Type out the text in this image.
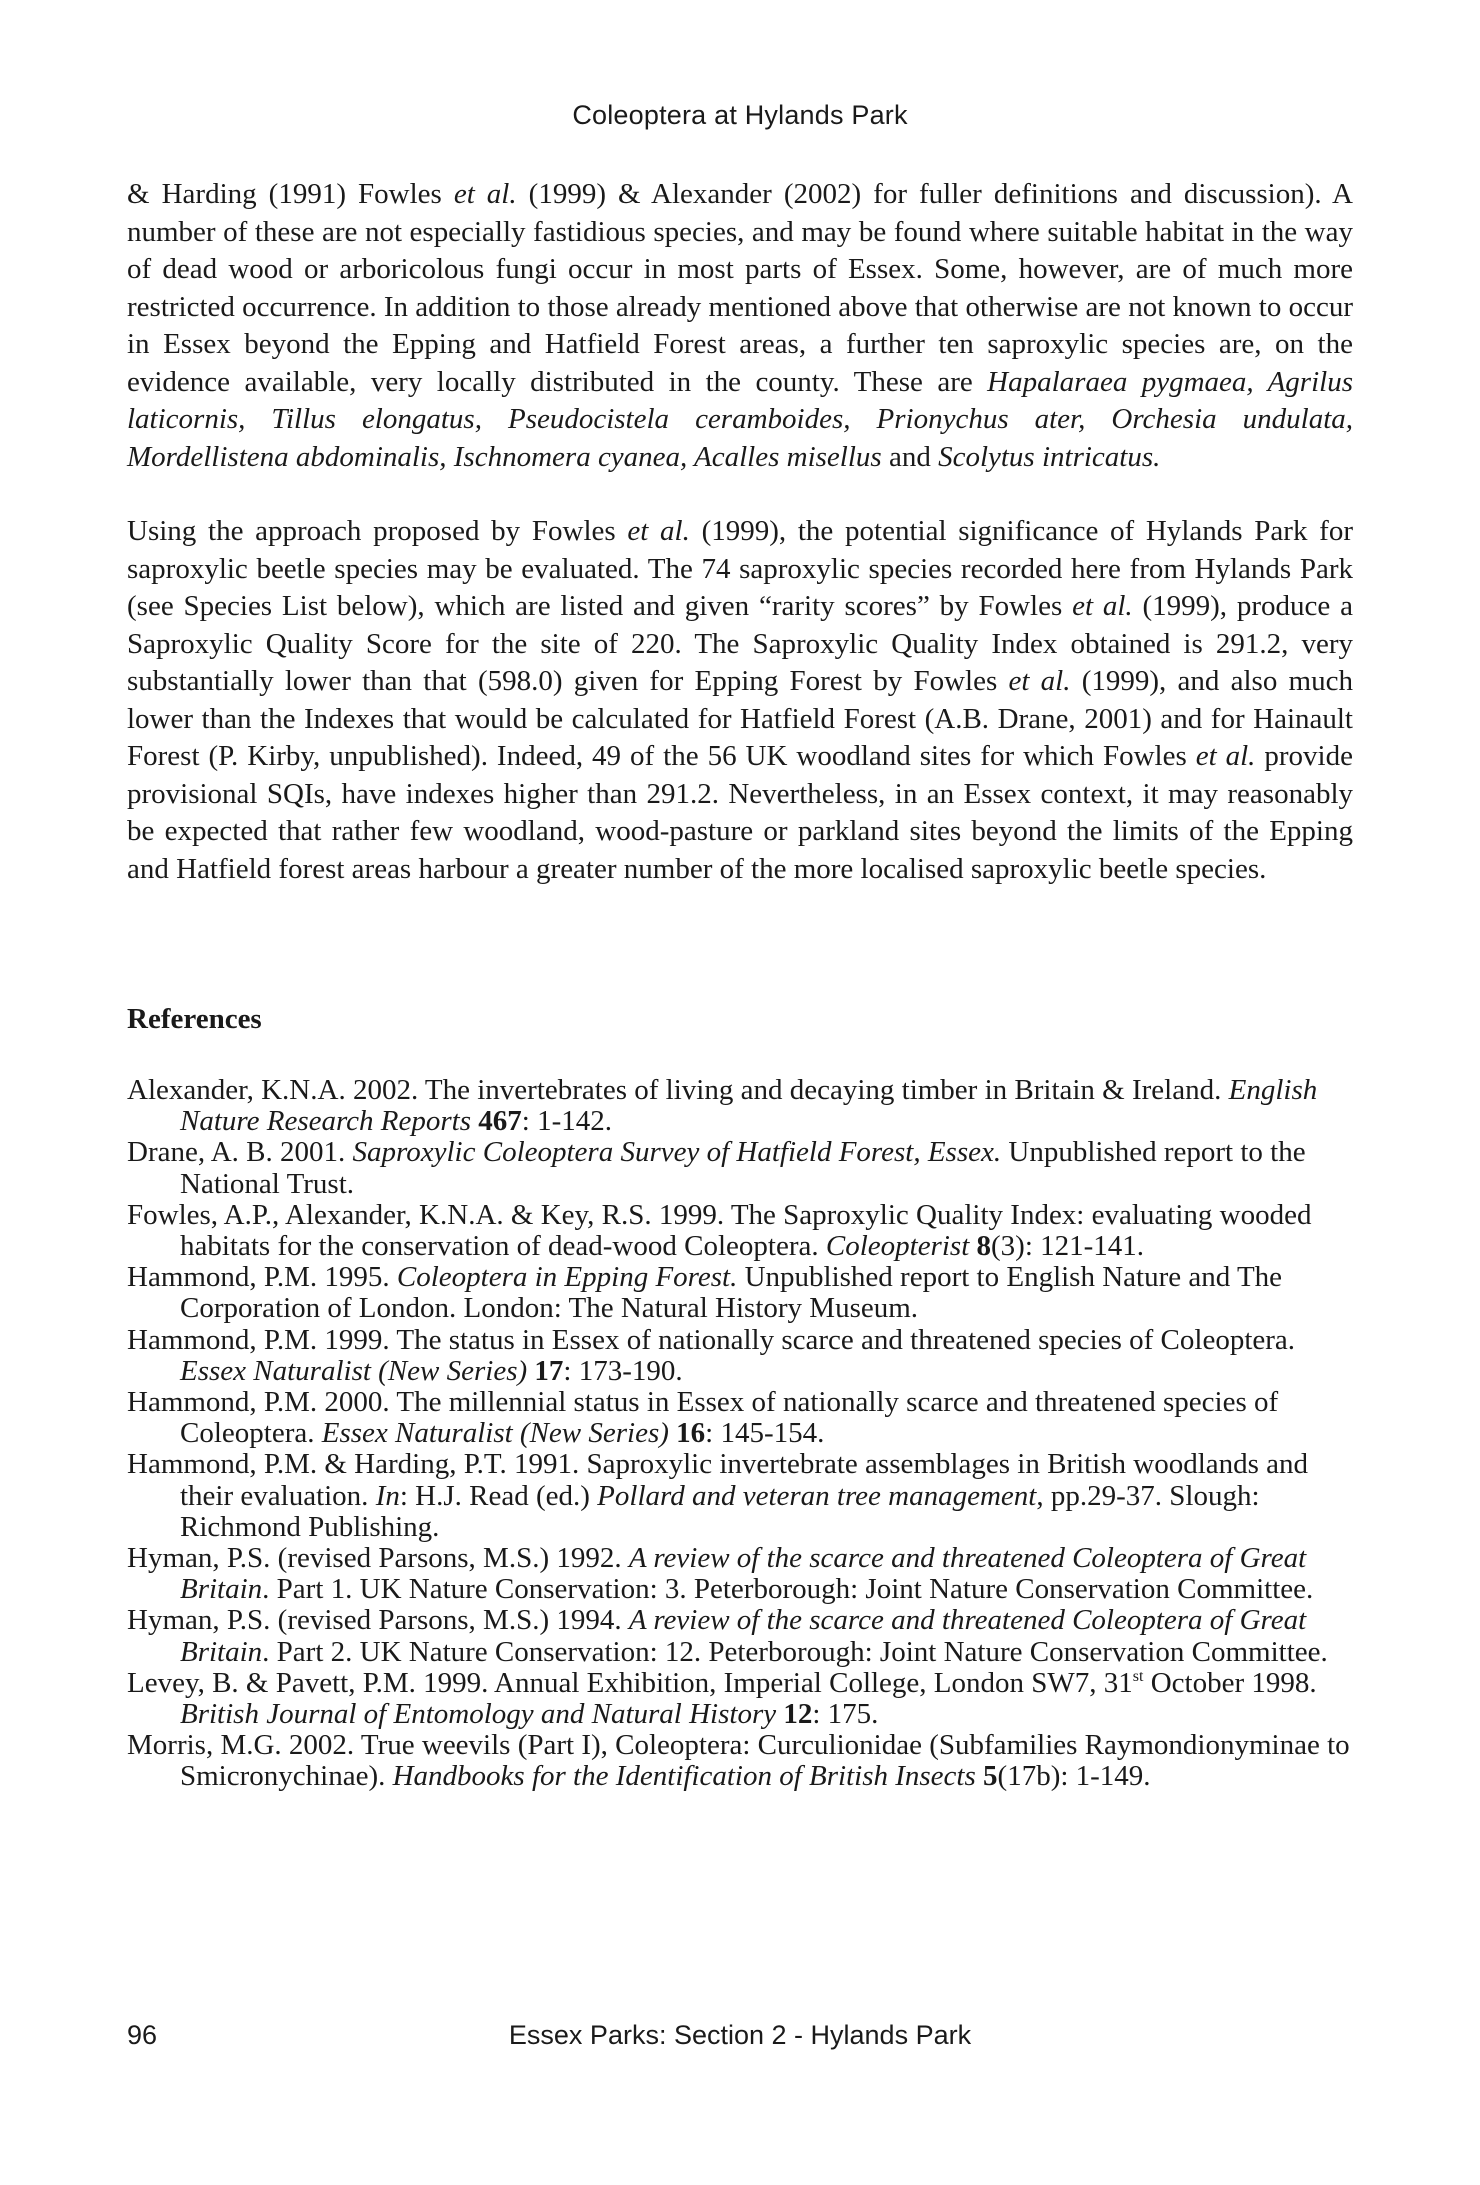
Coleoptera at Hylands Park

& Harding (1991) Fowles et al. (1999) & Alexander (2002) for fuller definitions and discussion). A number of these are not especially fastidious species, and may be found where suitable habitat in the way of dead wood or arboricolous fungi occur in most parts of Essex. Some, however, are of much more restricted occurrence. In addition to those already mentioned above that otherwise are not known to occur in Essex beyond the Epping and Hatfield Forest areas, a further ten saproxylic species are, on the evidence available, very locally distributed in the county. These are Hapalaraea pygmaea, Agrilus laticornis, Tillus elongatus, Pseudocistela ceramboides, Prionychus ater, Orchesia undulata, Mordellistena abdominalis, Ischnomera cyanea, Acalles misellus and Scolytus intricatus.

Using the approach proposed by Fowles et al. (1999), the potential significance of Hylands Park for saproxylic beetle species may be evaluated. The 74 saproxylic species recorded here from Hylands Park (see Species List below), which are listed and given “rarity scores” by Fowles et al. (1999), produce a Saproxylic Quality Score for the site of 220. The Saproxylic Quality Index obtained is 291.2, very substantially lower than that (598.0) given for Epping Forest by Fowles et al. (1999), and also much lower than the Indexes that would be calculated for Hatfield Forest (A.B. Drane, 2001) and for Hainault Forest (P. Kirby, unpublished). Indeed, 49 of the 56 UK woodland sites for which Fowles et al. provide provisional SQIs, have indexes higher than 291.2. Nevertheless, in an Essex context, it may reasonably be expected that rather few woodland, wood-pasture or parkland sites beyond the limits of the Epping and Hatfield forest areas harbour a greater number of the more localised saproxylic beetle species.

References
Alexander, K.N.A. 2002. The invertebrates of living and decaying timber in Britain & Ireland. English Nature Research Reports 467: 1-142.
Drane, A. B. 2001. Saproxylic Coleoptera Survey of Hatfield Forest, Essex. Unpublished report to the National Trust.
Fowles, A.P., Alexander, K.N.A. & Key, R.S. 1999. The Saproxylic Quality Index: evaluating wooded habitats for the conservation of dead-wood Coleoptera. Coleopterist 8(3): 121-141.
Hammond, P.M. 1995. Coleoptera in Epping Forest. Unpublished report to English Nature and The Corporation of London. London: The Natural History Museum.
Hammond, P.M. 1999. The status in Essex of nationally scarce and threatened species of Coleoptera. Essex Naturalist (New Series) 17: 173-190.
Hammond, P.M. 2000. The millennial status in Essex of nationally scarce and threatened species of Coleoptera. Essex Naturalist (New Series) 16: 145-154.
Hammond, P.M. & Harding, P.T. 1991. Saproxylic invertebrate assemblages in British woodlands and their evaluation. In: H.J. Read (ed.) Pollard and veteran tree management, pp.29-37. Slough: Richmond Publishing.
Hyman, P.S. (revised Parsons, M.S.) 1992. A review of the scarce and threatened Coleoptera of Great Britain. Part 1. UK Nature Conservation: 3. Peterborough: Joint Nature Conservation Committee.
Hyman, P.S. (revised Parsons, M.S.) 1994. A review of the scarce and threatened Coleoptera of Great Britain. Part 2. UK Nature Conservation: 12. Peterborough: Joint Nature Conservation Committee.
Levey, B. & Pavett, P.M. 1999. Annual Exhibition, Imperial College, London SW7, 31st October 1998. British Journal of Entomology and Natural History 12: 175.
Morris, M.G. 2002. True weevils (Part I), Coleoptera: Curculionidae (Subfamilies Raymondionyminae to Smicronychinae). Handbooks for the Identification of British Insects 5(17b): 1-149.
96	Essex Parks: Section 2 - Hylands Park
